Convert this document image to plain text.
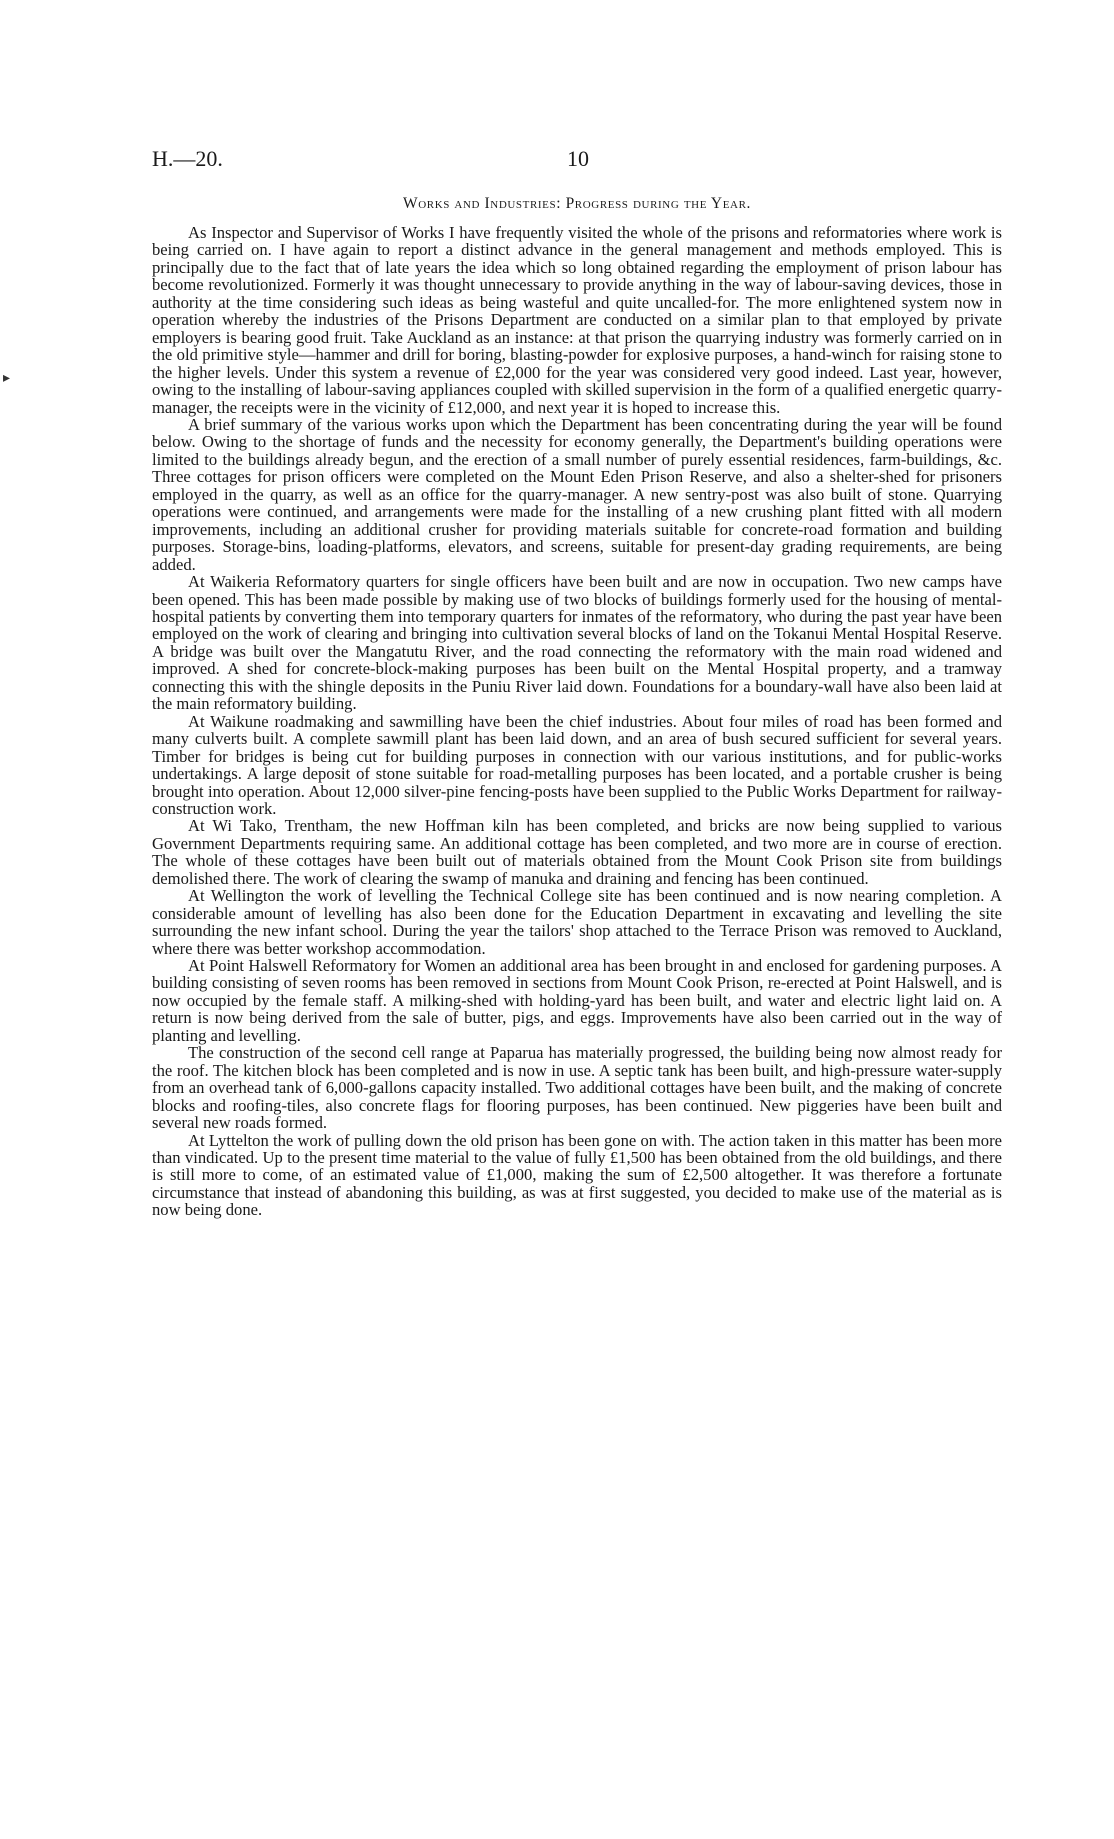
H.—20.	10
Works and Industries: Progress during the Year.

As Inspector and Supervisor of Works I have frequently visited the whole of the prisons and reformatories where work is being carried on. I have again to report a distinct advance in the general management and methods employed. This is principally due to the fact that of late years the idea which so long obtained regarding the employment of prison labour has become revolutionized. Formerly it was thought unnecessary to provide anything in the way of labour-saving devices, those in authority at the time considering such ideas as being wasteful and quite uncalled-for. The more enlightened system now in operation whereby the industries of the Prisons Department are conducted on a similar plan to that employed by private employers is bearing good fruit. Take Auckland as an instance: at that prison the quarrying industry was formerly carried on in the old primitive style—hammer and drill for boring, blasting-powder for explosive purposes, a hand-winch for raising stone to the higher levels. Under this system a revenue of £2,000 for the year was considered very good indeed. Last year, however, owing to the installing of labour-saving appliances coupled with skilled supervision in the form of a qualified energetic quarry-manager, the receipts were in the vicinity of £12,000, and next year it is hoped to increase this.

A brief summary of the various works upon which the Department has been concentrating during the year will be found below. Owing to the shortage of funds and the necessity for economy generally, the Department's building operations were limited to the buildings already begun, and the erection of a small number of purely essential residences, farm-buildings, &c. Three cottages for prison officers were completed on the Mount Eden Prison Reserve, and also a shelter-shed for prisoners employed in the quarry, as well as an office for the quarry-manager. A new sentry-post was also built of stone. Quarrying operations were continued, and arrangements were made for the installing of a new crushing plant fitted with all modern improvements, including an additional crusher for providing materials suitable for concrete-road formation and building purposes. Storage-bins, loading-platforms, elevators, and screens, suitable for present-day grading requirements, are being added.

At Waikeria Reformatory quarters for single officers have been built and are now in occupation. Two new camps have been opened. This has been made possible by making use of two blocks of buildings formerly used for the housing of mental-hospital patients by converting them into temporary quarters for inmates of the reformatory, who during the past year have been employed on the work of clearing and bringing into cultivation several blocks of land on the Tokanui Mental Hospital Reserve. A bridge was built over the Mangatutu River, and the road connecting the reformatory with the main road widened and improved. A shed for concrete-block-making purposes has been built on the Mental Hospital property, and a tramway connecting this with the shingle deposits in the Puniu River laid down. Foundations for a boundary-wall have also been laid at the main reformatory building.

At Waikune roadmaking and sawmilling have been the chief industries. About four miles of road has been formed and many culverts built. A complete sawmill plant has been laid down, and an area of bush secured sufficient for several years. Timber for bridges is being cut for building purposes in connection with our various institutions, and for public-works undertakings. A large deposit of stone suitable for road-metalling purposes has been located, and a portable crusher is being brought into operation. About 12,000 silver-pine fencing-posts have been supplied to the Public Works Department for railway-construction work.

At Wi Tako, Trentham, the new Hoffman kiln has been completed, and bricks are now being supplied to various Government Departments requiring same. An additional cottage has been completed, and two more are in course of erection. The whole of these cottages have been built out of materials obtained from the Mount Cook Prison site from buildings demolished there. The work of clearing the swamp of manuka and draining and fencing has been continued.

At Wellington the work of levelling the Technical College site has been continued and is now nearing completion. A considerable amount of levelling has also been done for the Education Department in excavating and levelling the site surrounding the new infant school. During the year the tailors' shop attached to the Terrace Prison was removed to Auckland, where there was better workshop accommodation.

At Point Halswell Reformatory for Women an additional area has been brought in and enclosed for gardening purposes. A building consisting of seven rooms has been removed in sections from Mount Cook Prison, re-erected at Point Halswell, and is now occupied by the female staff. A milking-shed with holding-yard has been built, and water and electric light laid on. A return is now being derived from the sale of butter, pigs, and eggs. Improvements have also been carried out in the way of planting and levelling.

The construction of the second cell range at Paparua has materially progressed, the building being now almost ready for the roof. The kitchen block has been completed and is now in use. A septic tank has been built, and high-pressure water-supply from an overhead tank of 6,000-gallons capacity installed. Two additional cottages have been built, and the making of concrete blocks and roofing-tiles, also concrete flags for flooring purposes, has been continued. New piggeries have been built and several new roads formed.

At Lyttelton the work of pulling down the old prison has been gone on with. The action taken in this matter has been more than vindicated. Up to the present time material to the value of fully £1,500 has been obtained from the old buildings, and there is still more to come, of an estimated value of £1,000, making the sum of £2,500 altogether. It was therefore a fortunate circumstance that instead of abandoning this building, as was at first suggested, you decided to make use of the material as is now being done.

▸
